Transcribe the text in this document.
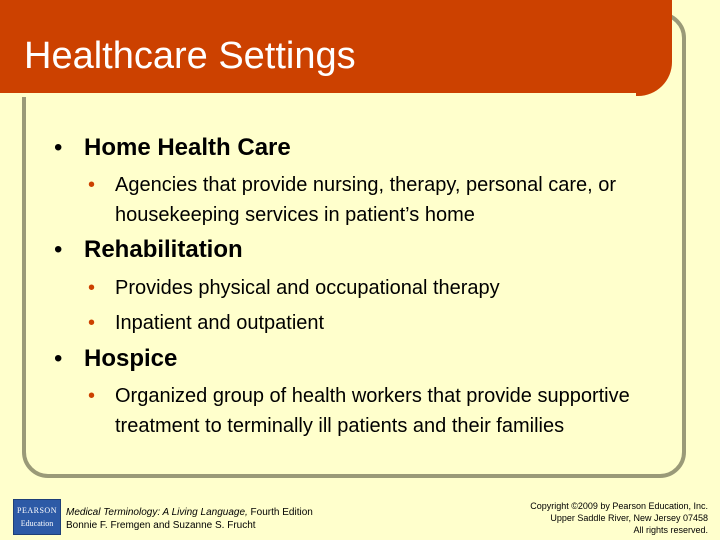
Healthcare Settings
• Home Health Care
• Agencies that provide nursing, therapy, personal care, or housekeeping services in patient’s home
• Rehabilitation
• Provides physical and occupational therapy
• Inpatient and outpatient
• Hospice
• Organized group of health workers that provide supportive treatment to terminally ill patients and their families
PEARSON
Education
Medical Terminology: A Living Language, Fourth Edition
Bonnie F. Fremgen and Suzanne S. Frucht
Copyright ©2009 by Pearson Education, Inc.
Upper Saddle River, New Jersey 07458
All rights reserved.
